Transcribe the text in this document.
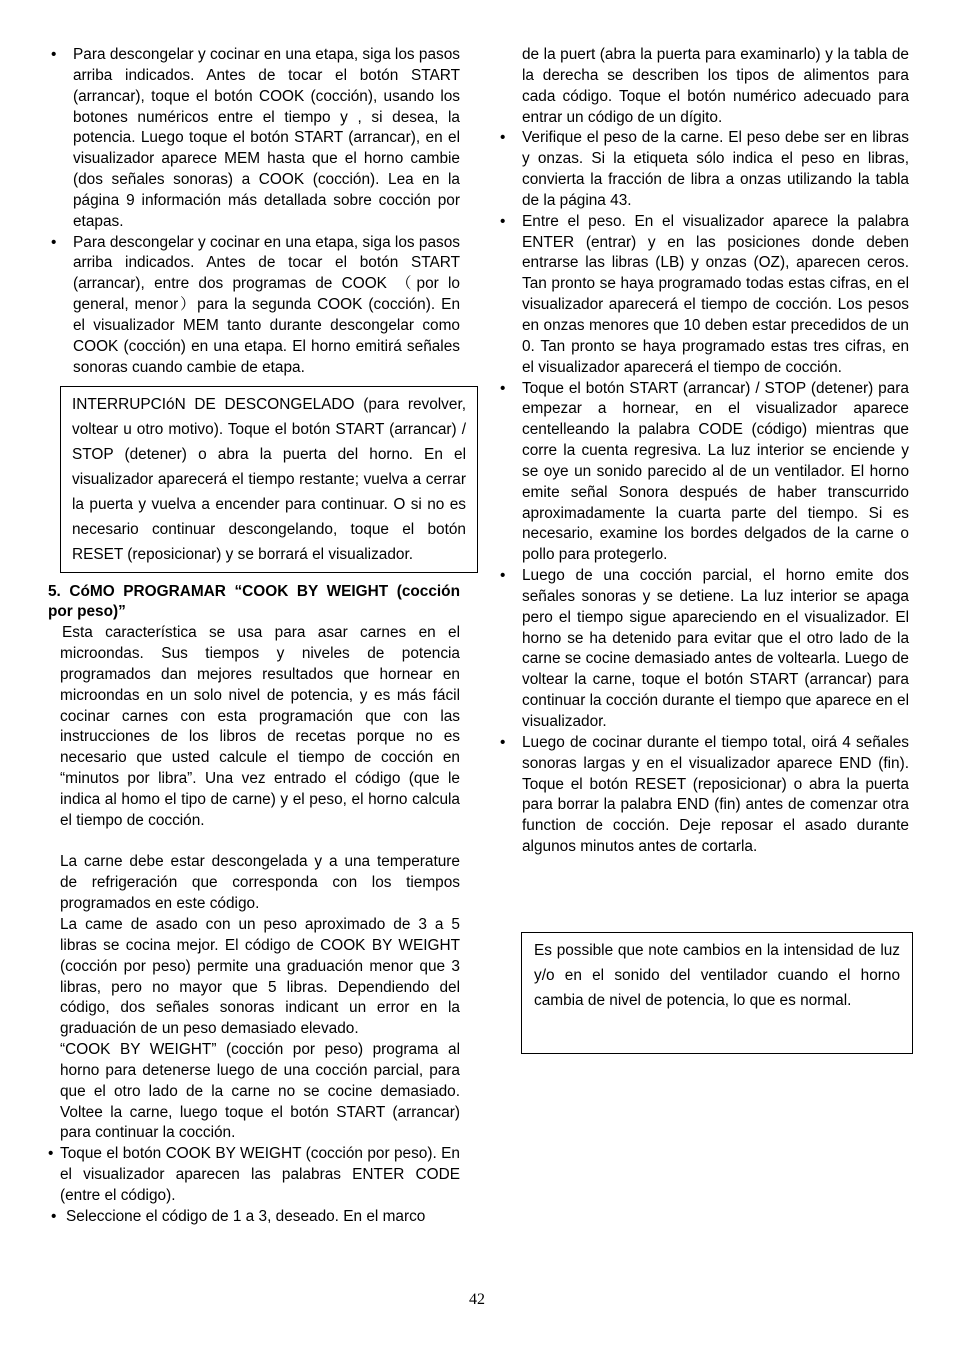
• Para descongelar y cocinar en una etapa, siga los pasos arriba indicados. Antes de tocar el botón START (arrancar), toque el botón COOK (cocción), usando los botones numéricos entre el tiempo y , si desea, la potencia. Luego toque el botón START (arrancar), en el visualizador aparece MEM hasta que el horno cambie (dos señales sonoras) a COOK (cocción). Lea en la página 9 información más detallada sobre cocción por etapas.

• Para descongelar y cocinar en una etapa, siga los pasos arriba indicados. Antes de tocar el botón START (arrancar), entre dos programas de COOK （por lo general, menor）para la segunda COOK (cocción). En el visualizador MEM tanto durante descongelar como COOK (cocción) en una etapa. El horno emitirá señales sonoras cuando cambie de etapa.

INTERRUPCIóN DE DESCONGELADO (para revolver, voltear u otro motivo). Toque el botón START (arrancar) / STOP (detener) o abra la puerta del horno. En el visualizador aparecerá el tiempo restante; vuelva a cerrar la puerta y vuelva a encender para continuar. O si no es necesario continuar descongelando, toque el botón RESET (reposicionar) y se borrará el visualizador.

5. CóMO PROGRAMAR “COOK BY WEIGHT (cocción por peso)”

Esta característica se usa para asar carnes en el microondas. Sus tiempos y niveles de potencia programados dan mejores resultados que hornear en microondas en un solo nivel de potencia, y es más fácil cocinar carnes con esta programación que con las instrucciones de los libros de recetas porque no es necesario que usted calcule el tiempo de cocción en “minutos por libra”. Una vez entrado el código (que le indica al homo el tipo de carne) y el peso, el horno calcula el tiempo de cocción.

La carne debe estar descongelada y a una temperature de refrigeración que corresponda con los tiempos programados en este código.

La came de asado con un peso aproximado de 3 a 5 libras se cocina mejor. El código de COOK BY WEIGHT (cocción por peso) permite una graduación menor que 3 libras, pero no mayor que 5 libras. Dependiendo del código, dos señales sonoras indicant un error en la graduación de un peso demasiado elevado.

“COOK BY WEIGHT” (cocción por peso) programa al horno para detenerse luego de una cocción parcial, para que el otro lado de la carne no se cocine demasiado. Voltee la carne, luego toque el botón START (arrancar) para continuar la cocción.

• Toque el botón COOK BY WEIGHT (cocción por peso). En el visualizador aparecen las palabras ENTER CODE (entre el código).

• Seleccione el código de 1 a 3, deseado. En el marco

de la puert (abra la puerta para examinarlo) y la tabla de la derecha se describen los tipos de alimentos para cada código. Toque el botón numérico adecuado para entrar un código de un dígito.

• Verifique el peso de la carne. El peso debe ser en libras y onzas. Si la etiqueta sólo indica el peso en libras, convierta la fracción de libra a onzas utilizando la tabla de la página 43.

• Entre el peso. En el visualizador aparece la palabra ENTER (entrar) y en las posiciones donde deben entrarse las libras (LB) y onzas (OZ), aparecen ceros. Tan pronto se haya programado todas estas cifras, en el visualizador aparecerá el tiempo de cocción. Los pesos en onzas menores que 10 deben estar precedidos de un 0. Tan pronto se haya programado estas tres cifras, en el visualizador aparecerá el tiempo de cocción.

• Toque el botón START (arrancar) / STOP (detener) para empezar a hornear, en el visualizador aparece centelleando la palabra CODE (código) mientras que corre la cuenta regresiva. La luz interior se enciende y se oye un sonido parecido al de un ventilador. El horno emite señal Sonora después de haber transcurrido aproximadamente la cuarta parte del tiempo. Si es necesario, examine los bordes delgados de la carne o pollo para protegerlo.

• Luego de una cocción parcial, el horno emite dos señales sonoras y se detiene. La luz interior se apaga pero el tiempo sigue apareciendo en el visualizador. El horno se ha detenido para evitar que el otro lado de la carne se cocine demasiado antes de voltearla. Luego de voltear la carne, toque el botón START (arrancar) para continuar la cocción durante el tiempo que aparece en el visualizador.

• Luego de cocinar durante el tiempo total, oirá 4 señales sonoras largas y en el visualizador aparece END (fin). Toque el botón RESET (reposicionar) o abra la puerta para borrar la palabra END (fin) antes de comenzar otra function de cocción. Deje reposar el asado durante algunos minutos antes de cortarla.

Es possible que note cambios en la intensidad de luz y/o en el sonido del ventilador cuando el horno cambia de nivel de potencia, lo que es normal.
42
